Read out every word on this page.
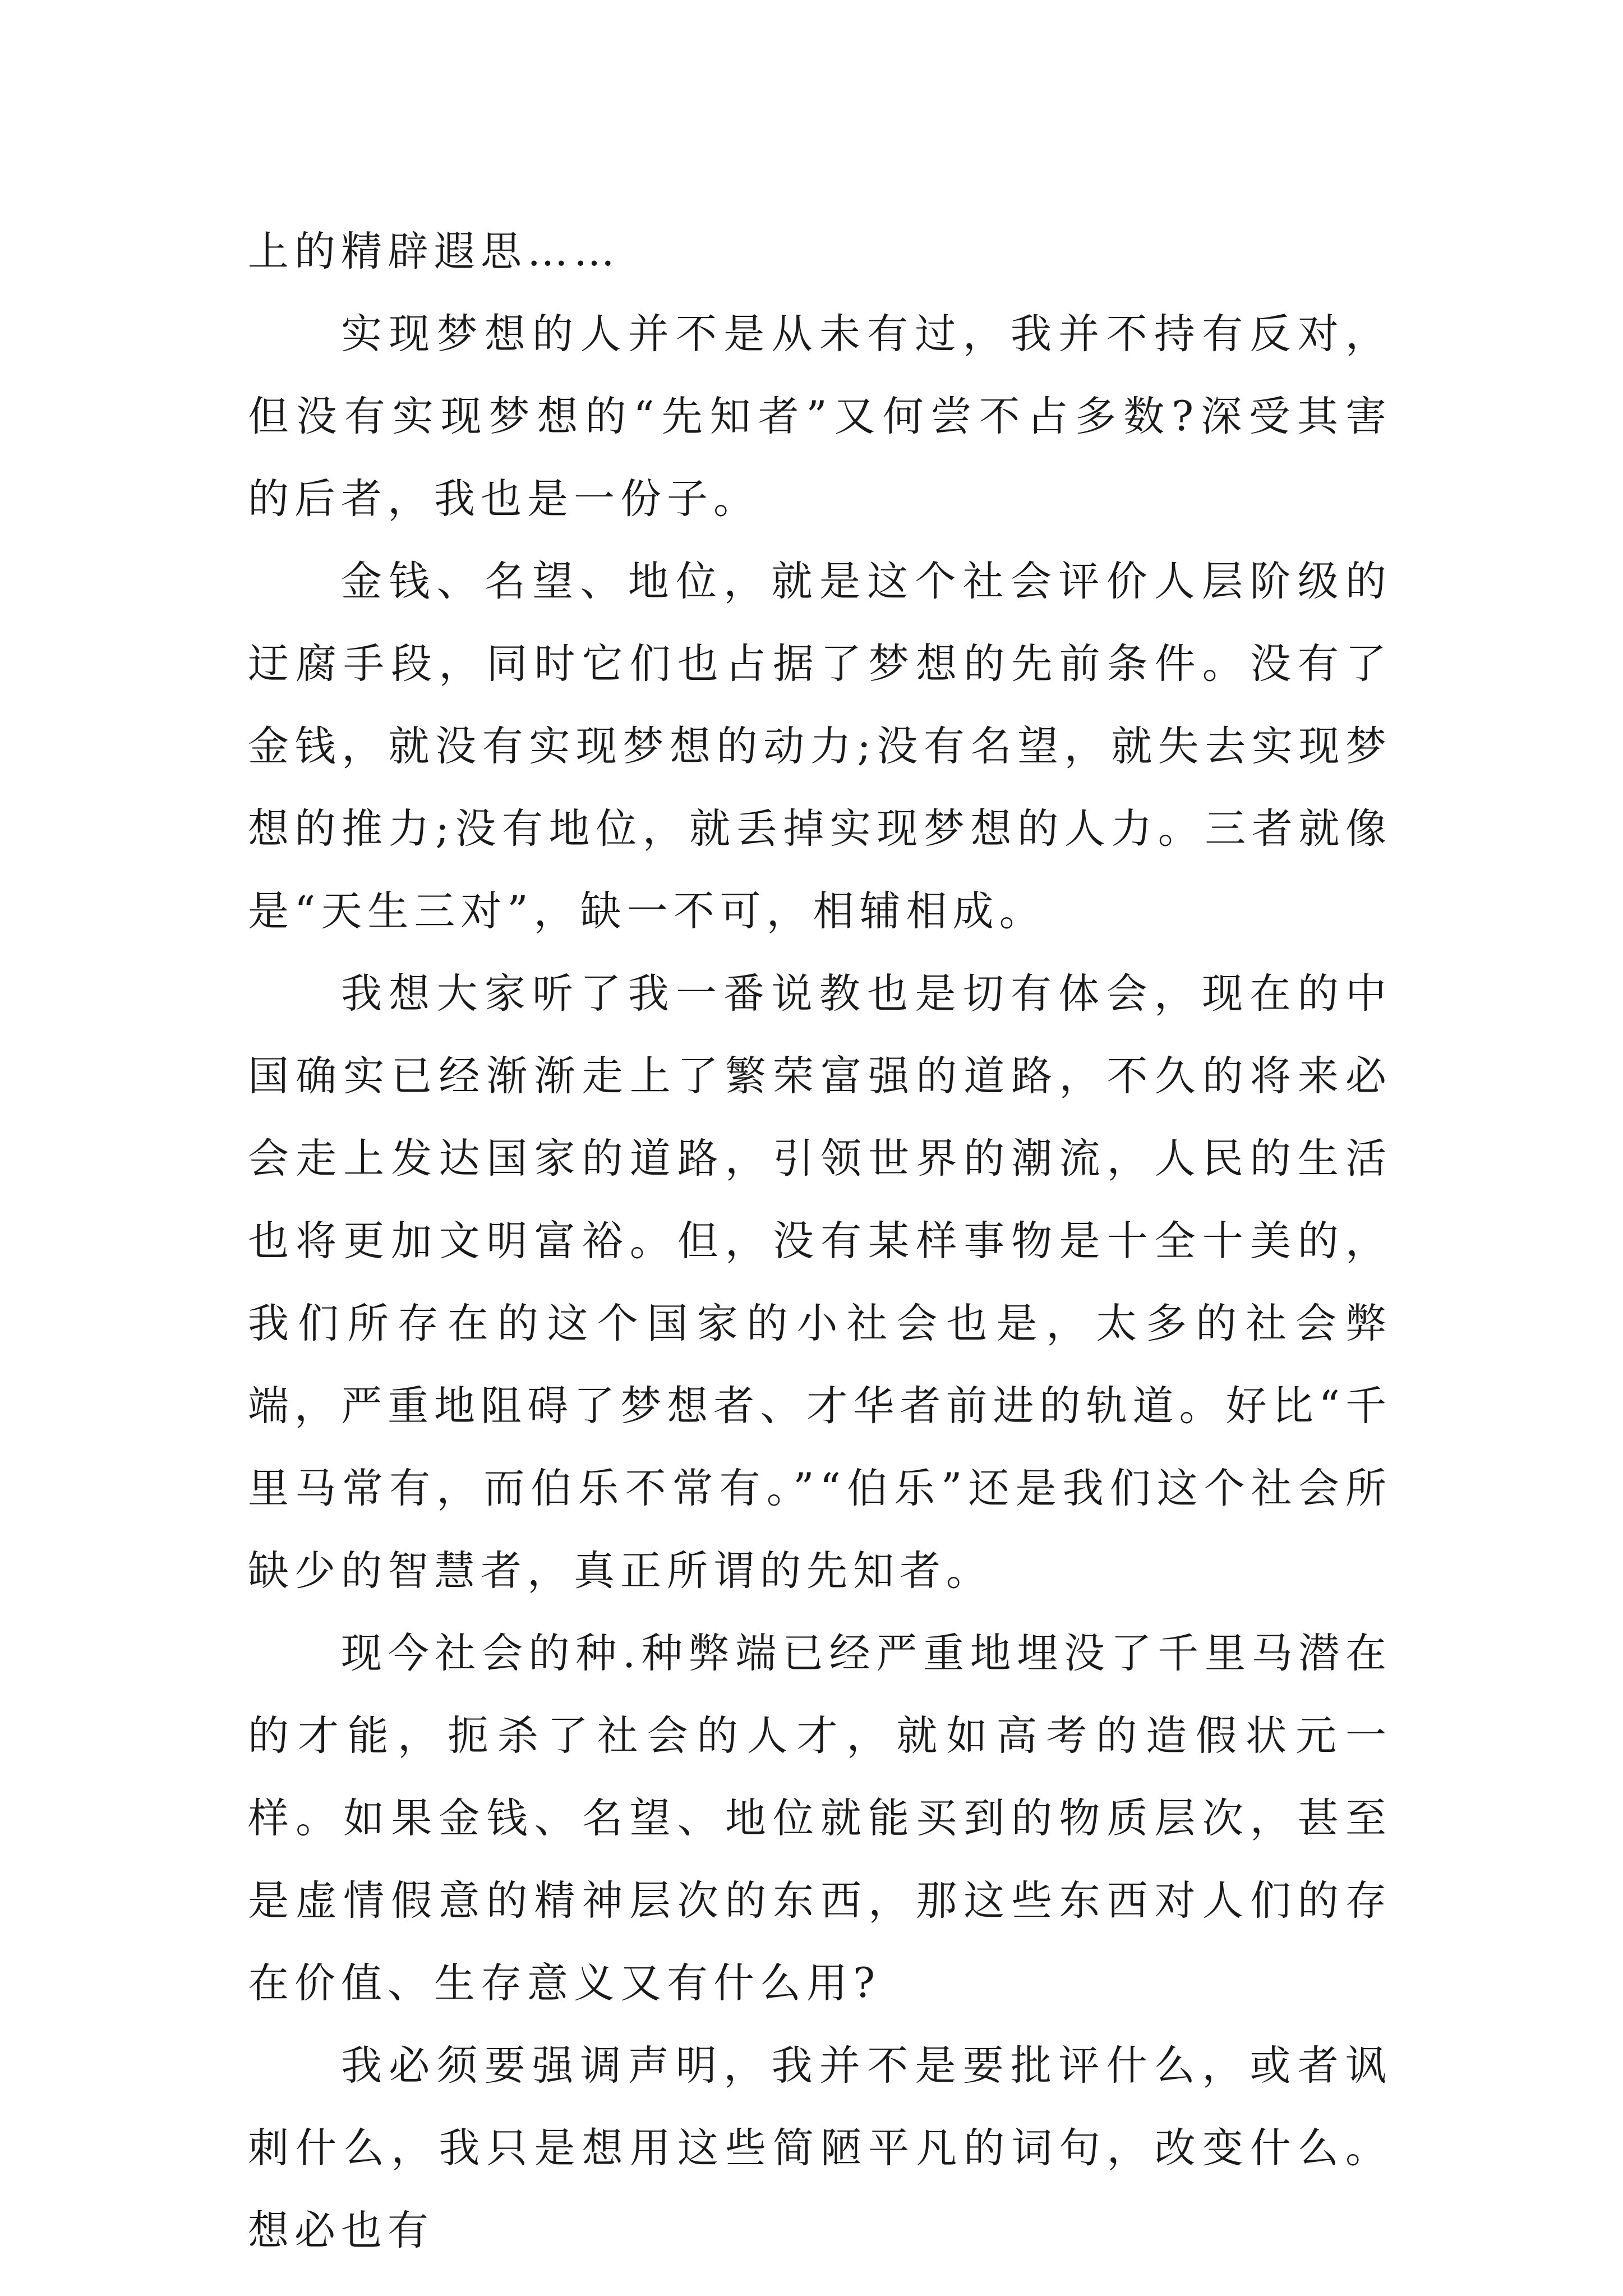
上的精辟遐思……

实现梦想的人并不是从未有过，我并不持有反对，但没有实现梦想的“先知者”又何尝不占多数?深受其害的后者，我也是一份子。

金钱、名望、地位，就是这个社会评价人层阶级的迂腐手段，同时它们也占据了梦想的先前条件。没有了金钱，就没有实现梦想的动力;没有名望，就失去实现梦想的推力;没有地位，就丢掉实现梦想的人力。三者就像是“天生三对”，缺一不可，相辅相成。

我想大家听了我一番说教也是切有体会，现在的中国确实已经渐渐走上了繁荣富强的道路，不久的将来必会走上发达国家的道路，引领世界的潮流，人民的生活也将更加文明富裕。但，没有某样事物是十全十美的，我们所存在的这个国家的小社会也是，太多的社会弊端，严重地阻碍了梦想者、才华者前进的轨道。好比“千里马常有，而伯乐不常有。”“伯乐”还是我们这个社会所缺少的智慧者，真正所谓的先知者。

现今社会的种.种弊端已经严重地埋没了千里马潜在的才能，扼杀了社会的人才，就如高考的造假状元一样。如果金钱、名望、地位就能买到的物质层次，甚至是虚情假意的精神层次的东西，那这些东西对人们的存在价值、生存意义又有什么用?

我必须要强调声明，我并不是要批评什么，或者讽刺什么，我只是想用这些简陋平凡的词句，改变什么。想必也有
